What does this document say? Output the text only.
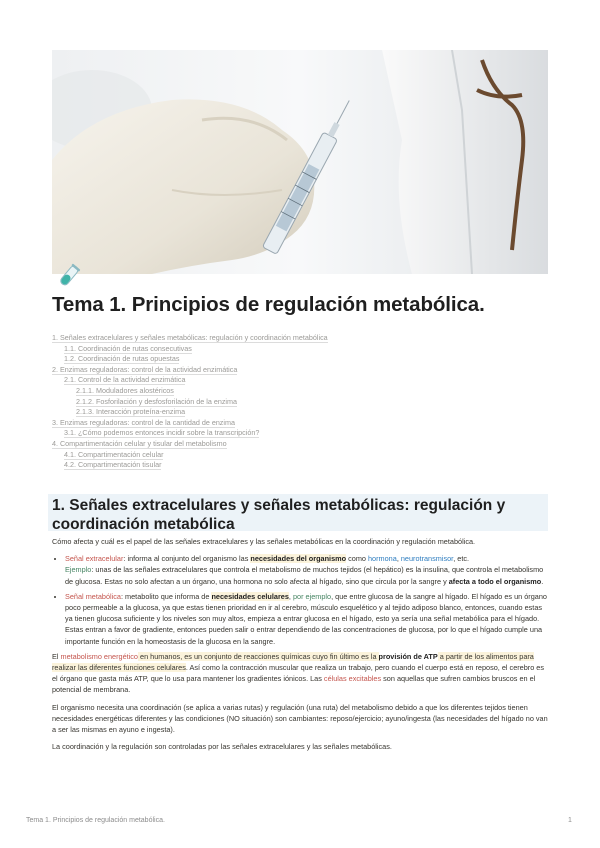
Tema 1. Principios de regulación metabólica.
1. Señales extracelulares y señales metabólicas: regulación y coordinación metabólica
1.1. Coordinación de rutas consecutivas
1.2. Coordinación de rutas opuestas
2. Enzimas reguladoras: control de la actividad enzimática
2.1. Control de la actividad enzimática
2.1.1. Moduladores alostéricos
2.1.2. Fosforilación y desfosforilación de la enzima
2.1.3. Interacción proteína-enzima
3. Enzimas reguladoras: control de la cantidad de enzima
3.1. ¿Cómo podemos entonces incidir sobre la transcripción?
4. Compartimentación celular y tisular del metabolismo
4.1. Compartimentación celular
4.2. Compartimentación tisular
1. Señales extracelulares y señales metabólicas: regulación y coordinación metabólica

Cómo afecta y cuál es el papel de las señales extracelulares y las señales metabólicas en la coordinación y regulación metabólica.

• Señal extracelular: informa al conjunto del organismo las necesidades del organismo como hormona, neurotransmisor, etc.
Ejemplo: unas de las señales extracelulares que controla el metabolismo de muchos tejidos (el hepático) es la insulina, que controla el metabolismo de glucosa. Estas no solo afectan a un órgano, una hormona no solo afecta al hígado, sino que circula por la sangre y afecta a todo el organismo.
• Señal metabólica: metabolito que informa de necesidades celulares, por ejemplo, que entre glucosa de la sangre al hígado. El hígado es un órgano poco permeable a la glucosa, ya que estas tienen prioridad en ir al cerebro, músculo esquelético y al tejido adiposo blanco, entonces, cuando estas ya tienen glucosa suficiente y los niveles son muy altos, empieza a entrar glucosa en el hígado, esto ya sería una señal metabólica para el hígado. Estas entran a favor de gradiente, entonces pueden salir o entrar dependiendo de las concentraciones de glucosa, por lo que el hígado cumple una importante función en la homeostasis de la glucosa en la sangre.

El metabolismo energético en humanos, es un conjunto de reacciones químicas cuyo fin último es la provisión de ATP a partir de los alimentos para realizar las diferentes funciones celulares. Así como la contracción muscular que realiza un trabajo, pero cuando el cuerpo está en reposo, el cerebro es el órgano que gasta más ATP, que lo usa para mantener los gradientes iónicos. Las células excitables son aquellas que sufren cambios bruscos en el potencial de membrana.

El organismo necesita una coordinación (se aplica a varias rutas) y regulación (una ruta) del metabolismo debido a que los diferentes tejidos tienen necesidades energéticas diferentes y las condiciones (NO situación) son cambiantes: reposo/ejercicio; ayuno/ingesta (las necesidades del hígado no van a ser las mismas en ayuno e ingesta).

La coordinación y la regulación son controladas por las señales extracelulares y las señales metabólicas.

Tema 1. Principios de regulación metabólica.	1
